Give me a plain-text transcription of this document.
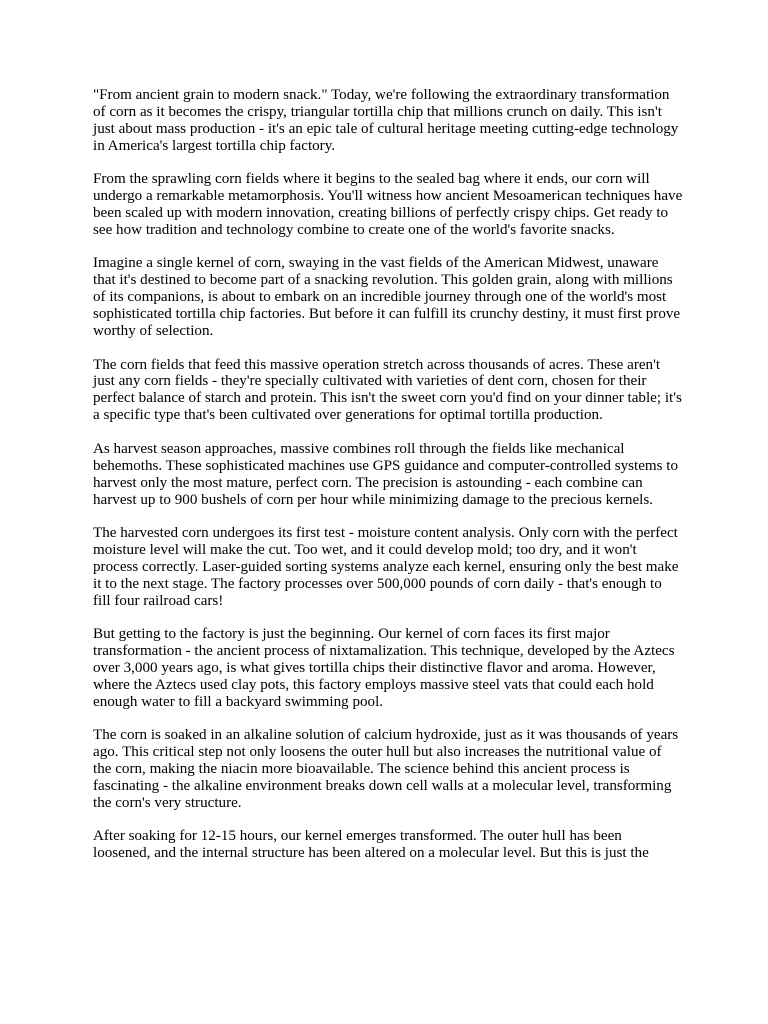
"From ancient grain to modern snack." Today, we're following the extraordinary transformation of corn as it becomes the crispy, triangular tortilla chip that millions crunch on daily. This isn't just about mass production - it's an epic tale of cultural heritage meeting cutting-edge technology in America's largest tortilla chip factory.

From the sprawling corn fields where it begins to the sealed bag where it ends, our corn will undergo a remarkable metamorphosis. You'll witness how ancient Mesoamerican techniques have been scaled up with modern innovation, creating billions of perfectly crispy chips. Get ready to see how tradition and technology combine to create one of the world's favorite snacks.

Imagine a single kernel of corn, swaying in the vast fields of the American Midwest, unaware that it's destined to become part of a snacking revolution. This golden grain, along with millions of its companions, is about to embark on an incredible journey through one of the world's most sophisticated tortilla chip factories. But before it can fulfill its crunchy destiny, it must first prove worthy of selection.

The corn fields that feed this massive operation stretch across thousands of acres. These aren't just any corn fields - they're specially cultivated with varieties of dent corn, chosen for their perfect balance of starch and protein. This isn't the sweet corn you'd find on your dinner table; it's a specific type that's been cultivated over generations for optimal tortilla production.

As harvest season approaches, massive combines roll through the fields like mechanical behemoths. These sophisticated machines use GPS guidance and computer-controlled systems to harvest only the most mature, perfect corn. The precision is astounding - each combine can harvest up to 900 bushels of corn per hour while minimizing damage to the precious kernels.

The harvested corn undergoes its first test - moisture content analysis. Only corn with the perfect moisture level will make the cut. Too wet, and it could develop mold; too dry, and it won't process correctly. Laser-guided sorting systems analyze each kernel, ensuring only the best make it to the next stage. The factory processes over 500,000 pounds of corn daily - that's enough to fill four railroad cars!

But getting to the factory is just the beginning. Our kernel of corn faces its first major transformation - the ancient process of nixtamalization. This technique, developed by the Aztecs over 3,000 years ago, is what gives tortilla chips their distinctive flavor and aroma. However, where the Aztecs used clay pots, this factory employs massive steel vats that could each hold enough water to fill a backyard swimming pool.

The corn is soaked in an alkaline solution of calcium hydroxide, just as it was thousands of years ago. This critical step not only loosens the outer hull but also increases the nutritional value of the corn, making the niacin more bioavailable. The science behind this ancient process is fascinating - the alkaline environment breaks down cell walls at a molecular level, transforming the corn's very structure.

After soaking for 12-15 hours, our kernel emerges transformed. The outer hull has been loosened, and the internal structure has been altered on a molecular level. But this is just the
